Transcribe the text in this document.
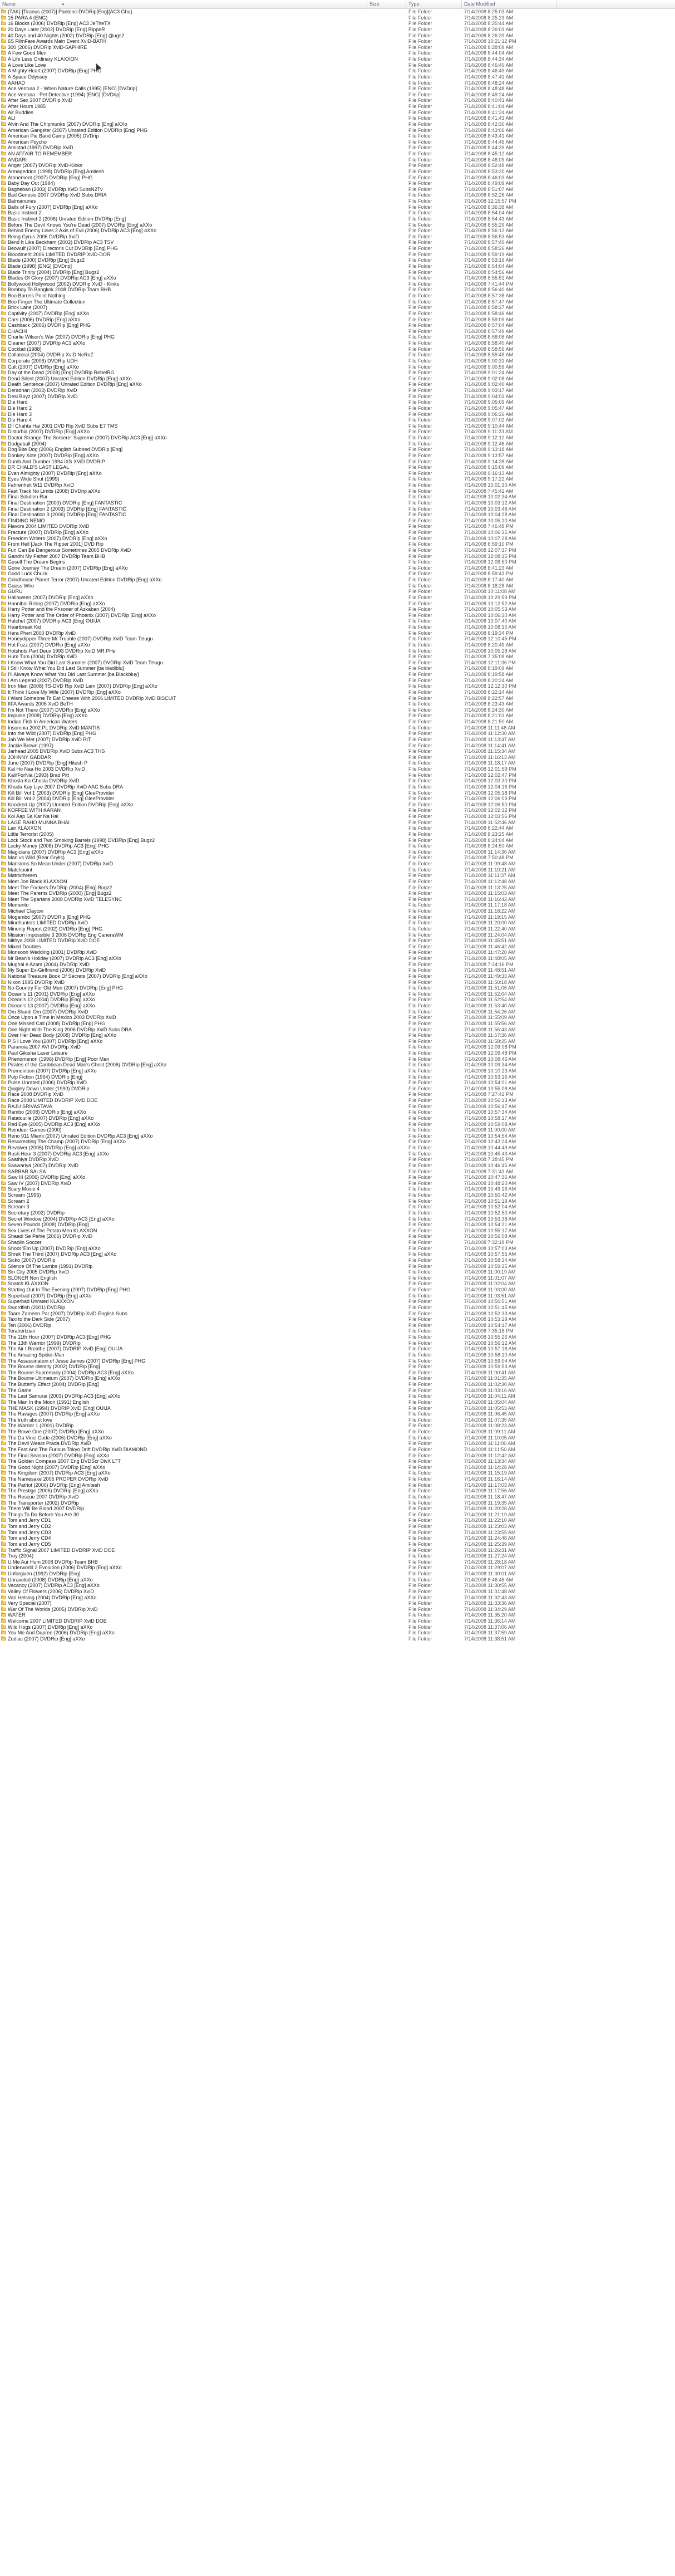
Name	▲	Size	Type	Date Modified
(TAK) [Tiranus (2007)] Pantenc-DVDRip[Eng]{AC3 Gba}	File Folder	7/14/2008 8:25:03 AM
15 PARA 4 (ENG)	File Folder	7/14/2008 8:25:23 AM
16 Blocks (2006) DVDRip [Eng] AC3 JeTheTX	File Folder	7/14/2008 8:25:44 AM
20 Days Later [2002] DVDRip [Eng] RippeR	File Folder	7/14/2008 8:26:03 AM
40 Days and 40 Nights (2002) DVDRip [Eng] @ugs2	File Folder	7/14/2008 8:26:39 AM
6S FilmFare Awards Main Event XviD-BATH	File Folder	7/14/2008 10:21:12 PM
300 (2006) DVDRip XviD-SAPHIRE	File Folder	7/14/2008 8:28:09 AM
A Few Good Men	File Folder	7/14/2008 8:44:04 AM
A Life Less Ordinary KLAXXON	File Folder	7/14/2008 8:44:34 AM
A Love Like Love	File Folder	7/14/2008 8:46:40 AM
A Mighty Heart (2007) DVDRip [Eng] PHG	File Folder	7/14/2008 8:46:49 AM
A Space Odyssey	File Folder	7/14/2008 8:47:41 AM
AAHAD	File Folder	7/14/2008 8:48:24 AM
Ace Ventura 2 - When Nature Calls (1995) [ENG] [DVDrip]	File Folder	7/14/2008 8:48:48 AM
Ace Ventura - Pet Detective (1994) [ENG] [DVDrip]	File Folder	7/14/2008 8:49:24 AM
After Sex 2007 DVDRip XviD	File Folder	7/14/2008 8:40:41 AM
After Hours 1985	File Folder	7/14/2008 8:41:04 AM
Air Buddies	File Folder	7/14/2008 8:41:24 AM
ALI	File Folder	7/14/2008 8:41:43 AM
Alvin And The Chipmunks (2007) DVDRip [Eng] aXXo	File Folder	7/14/2008 8:42:30 AM
American Gangster (2007) Unrated Edition DVDRip [Eng] PHG	File Folder	7/14/2008 8:43:06 AM
American Pie Band Camp (2005) DVDrip	File Folder	7/14/2008 8:43:41 AM
American Psycho	File Folder	7/14/2008 8:44:46 AM
Amistad (1997) DVDRip XviD	File Folder	7/14/2008 8:44:39 AM
AN AFFAIR TO REMEMBER	File Folder	7/14/2008 8:45:12 AM
ANDARI	File Folder	7/14/2008 8:46:09 AM
Anger (2007) DVDRip XviD-Kinks	File Folder	7/14/2008 8:52:48 AM
Armageddon (1998) DVDRip [Eng] Amitesh	File Folder	7/14/2008 8:53:20 AM
Atonement (2007) DVDRip [Eng] PHG	File Folder	7/14/2008 8:46:03 AM
Baby Day Out (1994)	File Folder	7/14/2008 8:49:09 AM
Bagheban (2003) DVDRip XviD SubsN2Tv	File Folder	7/14/2008 8:51:07 AM
Bad Genesis 2007 DVDRip XviD Subs DRIA	File Folder	7/14/2008 8:52:26 AM
Batmanunes	File Folder	7/14/2008 12:15:57 PM
Balls of Fury (2007) DVDRip [Eng] aXXo	File Folder	7/14/2008 8:36:38 AM
Basic Instinct 2	File Folder	7/14/2008 8:54:04 AM
Basic Instinct 2 (2006) Unrated Edition DVDRip [Eng]	File Folder	7/14/2008 8:54:43 AM
Before The Devil Knows You're Dead (2007) DVDRip [Eng] aXXo	File Folder	7/14/2008 8:55:29 AM
Behind Enemy Lines 2 Axis of Evil (2006) DVDRip AC3 [Eng] aXXo	File Folder	7/14/2008 8:56:12 AM
Being Cyrus 2006 DVDRip XviD	File Folder	7/14/2008 8:56:53 AM
Bend It Like Beckham (2002) DVDRip AC3 TSV	File Folder	7/14/2008 8:57:40 AM
Beowulf (2007) Director's Cut DVDRip [Eng] PHG	File Folder	7/14/2008 8:58:26 AM
Bloodmerit 2006 LIMITED DVDRIP XviD-DOR	File Folder	7/14/2008 8:59:19 AM
Blade (2000) DVDRip [Eng] Bugz2	File Folder	7/14/2008 8:53:19 AM
Blade (1998) [ENG] [DVDrip]	File Folder	7/14/2008 8:54:04 AM
Blade Trinity (2004) DVDRip [Eng] Bugz2	File Folder	7/14/2008 8:54:56 AM
Blades Of Glory (2007) DVDRip AC3 [Eng] aXXo	File Folder	7/14/2008 8:55:51 AM
Bollywood Hollywood (2002) DVDRip XviD - Kinks	File Folder	7/14/2008 7:41:44 PM
Bombay To Bangkok 2008 DVDRip Team BHB	File Folder	7/14/2008 8:56:40 AM
Boo Barrels Point Nothing	File Folder	7/14/2008 8:57:38 AM
Boo Finger The Ultimate Collection	File Folder	7/14/2008 8:57:47 AM
Brick Lane (2007)	File Folder	7/14/2008 8:58:27 AM
Captivity (2007) DVDRip [Eng] aXXo	File Folder	7/14/2008 8:58:46 AM
Cars (2006) DVDRip [Eng] aXXo	File Folder	7/14/2008 8:59:09 AM
Cashback (2006) DVDRip [Eng] PHG	File Folder	7/14/2008 8:57:04 AM
CHACHI	File Folder	7/14/2008 8:57:49 AM
Charlie Wilson's War (2007) DVDRip [Eng] PHG	File Folder	7/14/2008 8:58:06 AM
Cleaner (2007) DVDRip AC3 aXXo	File Folder	7/14/2008 8:58:40 AM
Cocktail (1988)	File Folder	7/14/2008 8:58:56 AM
Collateral (2004) DVDRip XviD NeRoZ	File Folder	7/14/2008 8:59:45 AM
Corporate (2006) DVDRip UDH	File Folder	7/14/2008 9:00:31 AM
Cult (2007) DVDRip [Eng] aXXo	File Folder	7/14/2008 9:00:59 AM
Day of the Dead (2008) [Eng] DVDRip RebelRG	File Folder	7/14/2008 9:01:24 AM
Dead Silent (2007) Unrated Edition DVDRip [Eng] aXXo	File Folder	7/14/2008 9:02:08 AM
Death Sentence (2007) Unrated Edition DVDRip [Eng] aXXo	File Folder	7/14/2008 9:02:40 AM
Deradhan (2003) DVDRip XviD	File Folder	7/14/2008 9:03:17 AM
Desi Boyz (2007) DVDRip XviD	File Folder	7/14/2008 9:04:03 AM
Die Hard	File Folder	7/14/2008 9:05:09 AM
Die Hard 2	File Folder	7/14/2008 9:05:47 AM
Die Hard 3	File Folder	7/14/2008 9:06:26 AM
Die Hard 4	File Folder	7/14/2008 9:07:02 AM
Dil Chahta Hai 2001 DVD Rip XviD Subs E7 TMS	File Folder	7/14/2008 9:10:44 AM
Disturbia (2007) DVDRip [Eng] aXXo	File Folder	7/14/2008 9:11:23 AM
Doctor Strange The Sorcerer Supreme (2007) DVDRip AC3 [Eng] aXXo	File Folder	7/14/2008 9:12:12 AM
Dodgeball (2004)	File Folder	7/14/2008 9:12:46 AM
Dog Bite Dog (2006) English Subbed DVDRip [Eng]	File Folder	7/14/2008 9:13:18 AM
Donkey Xote (2007) DVDRip [Eng] aXXo	File Folder	7/14/2008 9:13:57 AM
Dumb And Dumber 1994 iXS XViD DVDRIP	File Folder	7/14/2008 9:14:38 AM
DR CHALD'S LAST LEGAL	File Folder	7/14/2008 9:15:09 AM
Evan Almighty (2007) DVDRip [Eng] aXXo	File Folder	7/14/2008 9:16:13 AM
Eyes Wide Shut (1999)	File Folder	7/14/2008 9:17:22 AM
Fahrenheit 9/11 DVDRip XviD	File Folder	7/14/2008 10:01:30 AM
Fast Track No Limits (2008) DVDrip aXXo	File Folder	7/14/2008 7:45:42 AM
Final Solution Rar	File Folder	7/14/2008 10:02:34 AM
Final Destination (2000) DVDRip [Eng] FANTASTIC	File Folder	7/14/2008 10:03:12 AM
Final Destination 2 (2003) DVDRip [Eng] FANTASTIC	File Folder	7/14/2008 10:03:48 AM
Final Destination 3 (2006) DVDRip [Eng] FANTASTIC	File Folder	7/14/2008 10:04:28 AM
FINDING NEMO	File Folder	7/14/2008 10:05:10 AM
Flavors 2004 LIMITED DVDRip XviD	File Folder	7/14/2008 7:46:48 PM
Fracture (2007) DVDRip [Eng] aXXo	File Folder	7/14/2008 10:06:35 AM
Freedom Writers (2007) DVDRip [Eng] aXXo	File Folder	7/14/2008 10:07:28 AM
From Hell [Jack The Ripper 2001] DVD Rip	File Folder	7/14/2008 8:59:10 PM
Fun Can Be Dangerous Sometimes 2005 DVDRip XviD	File Folder	7/14/2008 12:07:37 PM
Gandhi My Father 2007 DVDRip Team BHB	File Folder	7/14/2008 12:08:15 PM
Gesell The Dream Begins	File Folder	7/14/2008 12:08:50 PM
Gone Journey The Dream (2007) DVDRip [Eng] aXXo	File Folder	7/14/2008 8:41:23 AM
Good Luck Chuck	File Folder	7/14/2008 8:59:43 PM
Grindhouse Planet Terror (2007) Unrated Edition DVDRip [Eng] aXXo	File Folder	7/14/2008 8:17:40 AM
Guess Who	File Folder	7/14/2008 8:18:28 AM
GURU	File Folder	7/14/2008 10:11:08 AM
Halloween (2007) DVDRip [Eng] aXXo	File Folder	7/14/2008 10:29:59 PM
Hannibal Rising (2007) DVDRip [Eng] aXXo	File Folder	7/14/2008 10:12:52 AM
Harry Potter and the Prisoner of Azkaban (2004)	File Folder	7/14/2008 10:05:53 AM
Harry Potter and The Order of Phoenix (2007) DVDRip [Eng] aXXo	File Folder	7/14/2008 10:06:30 AM
Hatchet (2007) DVDRip AC3 [Eng] OUIJA	File Folder	7/14/2008 10:07:40 AM
Heartbreak Kid	File Folder	7/14/2008 10:08:30 AM
Hera Pheri 2000 DVDRip XviD	File Folder	7/14/2008 8:19:34 PM
Honeydipper Three Mr Trouble (2007) DVDRip XviD Team Telugu	File Folder	7/14/2008 12:10:45 PM
Hot Fuzz (2007) DVDRip [Eng] aXXo	File Folder	7/14/2008 8:20:49 AM
Hotshots Part Deux 1993 DVDRip XviD MR PHe	File Folder	7/14/2008 10:05:28 AM
Hum Tum (2004) DVDRip XviD	File Folder	7/14/2008 7:35:08 AM
I Know What You Did Last Summer (2007) DVDRip XviD Team Telugu	File Folder	7/14/2008 12:11:36 PM
I Still Know What You Did Last Summer [ba bladiblu]	File Folder	7/14/2008 8:19:09 AM
I'll Always Know What You Did Last Summer [ba Blackbluy]	File Folder	7/14/2008 8:19:58 AM
I Am Legend (2007) DVDRip XviD	File Folder	7/14/2008 8:20:24 AM
Iron Man (2008) TS-DVD Rip XviD Lam (2007) DVDRip [Eng] aXXo	File Folder	7/14/2008 12:12:30 PM
It Think I Love My Wife (2007) DVDRip [Eng] aXXo	File Folder	7/14/2008 8:22:14 AM
I Want Someone To Eat Cheese With 2006 LIMITED DVDRip XviD BiSCUiT	File Folder	7/14/2008 8:22:57 AM
IIFA Awards 2006 XviD BeTH	File Folder	7/14/2008 8:23:43 AM
I'm Not There (2007) DVDRip [Eng] aXXo	File Folder	7/14/2008 8:24:30 AM
Impulse (2008) DVDRip [Eng] aXXo	File Folder	7/14/2008 8:21:01 AM
Indian Fish In American Waters	File Folder	7/14/2008 8:21:50 AM
Insomnia 2002 PL DVDRip XviD MANTIS	File Folder	7/14/2008 11:11:48 AM
Into the Wild (2007) DVDRip [Eng] PHG	File Folder	7/14/2008 11:12:30 AM
Jab We Met (2007) DVDRip XviD RiT	File Folder	7/14/2008 11:13:47 AM
Jackie Brown (1997)	File Folder	7/14/2008 11:14:41 AM
Jarhead 2005 DVDRip XviD Subs AC3 THS	File Folder	7/14/2008 11:15:34 AM
JOHNNY GADDAR	File Folder	7/14/2008 11:16:13 AM
Juno (2007) DVDRip [Eng] Hitesh P	File Folder	7/14/2008 11:18:17 AM
Kal Ho Naa Ho 2003 DVDRip XviD	File Folder	7/14/2008 12:01:59 PM
KalifForNia (1993) Brad Pitt	File Folder	7/14/2008 12:02:47 PM
Khosla Ka Ghosla DVDRip XviD	File Folder	7/14/2008 12:03:30 PM
Khuda Kay Liye 2007 DVDRip XviD AAC Subs DRA	File Folder	7/14/2008 12:04:16 PM
Kill Bill Vol 1 (2003) DVDRip [Eng] GleeProvider	File Folder	7/14/2008 12:05:18 PM
Kill Bill Vol 2 (2004) DVDRip [Eng] GleeProvider	File Folder	7/14/2008 12:06:03 PM
Knocked Up (2007) Unrated Edition DVDRip [Eng] aXXo	File Folder	7/14/2008 12:06:50 PM
KOFFEE WITH KARAN	File Folder	7/14/2008 12:02:32 PM
Koi Aap Sa Kar Na Hai	File Folder	7/14/2008 12:03:56 PM
LAGE RAHO MUNNA BHAI	File Folder	7/14/2008 11:52:46 AM
Lair KLAXXON	File Folder	7/14/2008 8:22:44 AM
Little Terrorist (2005)	File Folder	7/14/2008 8:23:25 AM
Lock Stock and Two Smoking Barrels (1998) DVDRip [Eng] Bugz2	File Folder	7/14/2008 8:24:04 AM
Lucky Money (2008) DVDRip AC3 [Eng] PHG	File Folder	7/14/2008 8:24:50 AM
Magicians (2007) DVDRip AC3 [Eng] aXXo	File Folder	7/14/2008 11:14:36 AM
Man vs Wild (Bear Grylls)	File Folder	7/14/2008 7:50:48 PM
Mansions So Mean Under (2007) DVDRip XviD	File Folder	7/14/2008 11:09:48 AM
Matchpoint	File Folder	7/14/2008 11:10:21 AM
Matrixthreem	File Folder	7/14/2008 11:11:37 AM
Meet Joe Black KLAXXON	File Folder	7/14/2008 11:12:48 AM
Meet The Fockers DVDRip (2004) [Eng] Bugz2	File Folder	7/14/2008 11:13:25 AM
Meet The Parents DVDRip (2000) [Eng] Bugz2	File Folder	7/14/2008 11:15:03 AM
Meet The Spartans 2008 DVDRip XviD TELESYNC	File Folder	7/14/2008 11:16:42 AM
Memento	File Folder	7/14/2008 11:17:18 AM
Michael Clayton	File Folder	7/14/2008 11:18:22 AM
Mogambo (2007) DVDRip [Eng] PHG	File Folder	7/14/2008 11:19:15 AM
Mindhunters LIMITED DVDRip XviD	File Folder	7/14/2008 11:20:00 AM
Minority Report (2002) DVDRip [Eng] PHG	File Folder	7/14/2008 11:22:40 AM
Mission Impossible 3 2006 DVDRip Eng CaneraWM	File Folder	7/14/2008 11:24:04 AM
Mithya 2008 LIMITED DVDRip XviD DOE	File Folder	7/14/2008 11:45:51 AM
Mixed Doubles	File Folder	7/14/2008 11:46:42 AM
Monsoon Wedding (2001) DVDRip XviD	File Folder	7/14/2008 11:47:20 AM
Mr Bean's Holiday (2007) DVDRip AC3 [Eng] aXXo	File Folder	7/14/2008 11:48:05 AM
Mughal e Azam (2004) DVDRip XviD	File Folder	7/14/2008 7:24:16 PM
My Super Ex-Girlfriend (2006) DVDRip XviD	File Folder	7/14/2008 11:48:51 AM
National Treasure Book Of Secrets (2007) DVDRip [Eng] aXXo	File Folder	7/14/2008 11:49:33 AM
Nixon 1995 DVDRip XviD	File Folder	7/14/2008 11:50:18 AM
No Country For Old Men (2007) DVDRip [Eng] PHG	File Folder	7/14/2008 11:51:06 AM
Ocean's 11 (2001) DVDRip [Eng] aXXo	File Folder	7/14/2008 11:52:04 AM
Ocean's 12 (2004) DVDRip [Eng] aXXo	File Folder	7/14/2008 11:52:54 AM
Ocean's 13 (2007) DVDRip [Eng] aXXo	File Folder	7/14/2008 11:53:40 AM
Om Shanti Om (2007) DVDRip XviD	File Folder	7/14/2008 11:54:26 AM
Once Upon a Time in Mexico 2003 DVDRip XviD	File Folder	7/14/2008 11:55:09 AM
One Missed Call (2008) DVDRip [Eng] PHG	File Folder	7/14/2008 11:55:56 AM
One Night With The King 2006 DVDRip XviD Subs DRA	File Folder	7/14/2008 11:56:43 AM
Over Her Dead Body (2008) DVDRip [Eng] aXXo	File Folder	7/14/2008 11:57:36 AM
P S I Love You (2007) DVDRip [Eng] aXXo	File Folder	7/14/2008 11:58:25 AM
Paranoia 2007 AVI DVDRip XviD	File Folder	7/14/2008 12:09:08 PM
Paul Gikisha Laser Leisure	File Folder	7/14/2008 12:09:48 PM
Phenomenon (1996) DVDRip [Eng] Poor Man	File Folder	7/14/2008 10:08:46 AM
Pirates of the Caribbean Dead Man's Chest (2006) DVDRip [Eng] aXXo	File Folder	7/14/2008 10:09:34 AM
Premonition (2007) DVDRip [Eng] aXXo	File Folder	7/14/2008 10:10:23 AM
Pulp Fiction (1994) DVDRip [Eng]	File Folder	7/14/2008 10:53:16 AM
Pulse Unrated (2006) DVDRip XviD	File Folder	7/14/2008 10:54:01 AM
Quigley Down Under (1990) DVDRip	File Folder	7/14/2008 10:55:08 AM
Race 2008 DVDRip XviD	File Folder	7/14/2008 7:27:42 PM
Race 2008 LIMITED DVDRIP XviD DOE	File Folder	7/14/2008 10:56:13 AM
RAJU SRIVASTAVA	File Folder	7/14/2008 10:56:47 AM
Rambo (2008) DVDRip [Eng] aXXo	File Folder	7/14/2008 10:57:34 AM
Ratatouille (2007) DVDRip [Eng] aXXo	File Folder	7/14/2008 10:58:17 AM
Red Eye (2005) DVDRip AC3 [Eng] aXXo	File Folder	7/14/2008 10:59:08 AM
Reindeer Games (2000)	File Folder	7/14/2008 11:00:00 AM
Reno 911 Miami (2007) Unrated Edition DVDRip AC3 [Eng] aXXo	File Folder	7/14/2008 10:54:54 AM
Resurrecting The Champ (2007) DVDRip [Eng] aXXo	File Folder	7/14/2008 10:43:24 AM
Revolver (2005) DVDRip [Eng] aXXo	File Folder	7/14/2008 10:44:49 AM
Rush Hour 3 (2007) DVDRip AC3 [Eng] aXXo	File Folder	7/14/2008 10:45:43 AM
Saathiya DVDRip XviD	File Folder	7/14/2008 7:28:45 PM
Saawariya (2007) DVDRip XviD	File Folder	7/14/2008 10:46:45 AM
SARBAR SALSA	File Folder	7/14/2008 7:31:43 AM
Saw III (2006) DVDRip [Eng] aXXo	File Folder	7/14/2008 10:47:36 AM
Saw IV (2007) DVDRip XviD	File Folder	7/14/2008 10:48:20 AM
Scary Movie 4	File Folder	7/14/2008 10:49:16 AM
Scream (1996)	File Folder	7/14/2008 10:50:42 AM
Scream 2	File Folder	7/14/2008 10:51:19 AM
Scream 3	File Folder	7/14/2008 10:52:04 AM
Secretary (2002) DVDRip	File Folder	7/14/2008 10:52:50 AM
Secret Window (2004) DVDRip AC3 [Eng] aXXo	File Folder	7/14/2008 10:53:38 AM
Seven Pounds (2008) DVDRip [Eng]	File Folder	7/14/2008 10:54:21 AM
Sex Lives of The Potato Men KLAXXON	File Folder	7/14/2008 10:55:17 AM
Shaadi Se Pehle (2006) DVDRip XviD	File Folder	7/14/2008 10:56:08 AM
Shaolin Soccer	File Folder	7/14/2008 7:32:18 PM
Shoot 'Em Up (2007) DVDRip [Eng] aXXo	File Folder	7/14/2008 10:57:03 AM
Shrek The Third (2007) DVDRip AC3 [Eng] aXXo	File Folder	7/14/2008 10:57:55 AM
Sicko (2007) DVDRip	File Folder	7/14/2008 10:58:34 AM
Silence Of The Lambs (1991) DVDRip	File Folder	7/14/2008 10:59:25 AM
Sin City 2005 DVDRip XviD	File Folder	7/14/2008 11:00:19 AM
SLONER Non English	File Folder	7/14/2008 11:01:07 AM
Snatch KLAXXON	File Folder	7/14/2008 11:02:04 AM
Starting Out In The Evening (2007) DVDRip [Eng] PHG	File Folder	7/14/2008 11:03:00 AM
Superbad (2007) DVDRip [Eng] aXXo	File Folder	7/14/2008 11:03:51 AM
Superbad Unrated KLAXXON	File Folder	7/14/2008 10:50:51 AM
Swordfish (2001) DVDRip	File Folder	7/14/2008 10:51:45 AM
Taare Zameen Par (2007) DVDRip XviD English Subs	File Folder	7/14/2008 10:52:33 AM
Taxi to the Dark Side (2007)	File Folder	7/14/2008 10:53:29 AM
Ten (2006) DVDRip	File Folder	7/14/2008 10:54:17 AM
Terahertzian	File Folder	7/14/2008 7:35:18 PM
The 11th Hour (2007) DVDRip AC3 [Eng] PHG	File Folder	7/14/2008 10:55:26 AM
The 13th Warrior (1999) DVDRip	File Folder	7/14/2008 10:56:12 AM
The Air I Breathe (2007) DVDRIP XviD [Eng] OUIJA	File Folder	7/14/2008 10:57:18 AM
The Amazing Spider-Man	File Folder	7/14/2008 10:58:10 AM
The Assassination of Jesse James (2007) DVDRip [Eng] PHG	File Folder	7/14/2008 10:59:04 AM
The Bourne Identity (2002) DVDRip [Eng]	File Folder	7/14/2008 10:59:53 AM
The Bourne Supremacy (2004) DVDRip AC3 [Eng] aXXo	File Folder	7/14/2008 11:00:41 AM
The Bourne Ultimatum (2007) DVDRip [Eng] aXXo	File Folder	7/14/2008 11:01:35 AM
The Butterfly Effect (2004) DVDRip [Eng]	File Folder	7/14/2008 11:02:30 AM
The Game	File Folder	7/14/2008 11:03:16 AM
The Last Samurai (2003) DVDRip AC3 [Eng] aXXo	File Folder	7/14/2008 11:04:11 AM
The Man In the Moon (1991) English	File Folder	7/14/2008 11:05:04 AM
THE MASK (1994) DVDRIP XviD [Eng] OUIJA	File Folder	7/14/2008 11:05:53 AM
The Ravages (2007) DVDRip [Eng] aXXo	File Folder	7/14/2008 11:06:45 AM
The truth about love	File Folder	7/14/2008 11:07:35 AM
The Warrior 1 (2001) DVDRip	File Folder	7/14/2008 11:08:23 AM
The Brave One (2007) DVDRip [Eng] aXXo	File Folder	7/14/2008 11:09:11 AM
The Da Vinci Code (2006) DVDRip [Eng] aXXo	File Folder	7/14/2008 11:10:05 AM
The Devil Wears Prada DVDRip XviD	File Folder	7/14/2008 11:11:00 AM
The Fast And The Furious Tokyo Drift DVDRip XviD DIAMOND	File Folder	7/14/2008 11:11:50 AM
The Final Season (2007) DVDRip [Eng] aXXo	File Folder	7/14/2008 11:12:42 AM
The Golden Compass 2007 Eng DVDScr DivX LTT	File Folder	7/14/2008 11:13:34 AM
The Good Night (2007) DVDRip [Eng] aXXo	File Folder	7/14/2008 11:14:28 AM
The Kingdom (2007) DVDRip AC3 [Eng] aXXo	File Folder	7/14/2008 11:15:19 AM
The Namesake 2006 PROPER DVDRip XviD	File Folder	7/14/2008 11:16:14 AM
The Patriot (2000) DVDRip [Eng] Amitesh	File Folder	7/14/2008 11:17:03 AM
The Prestige (2006) DVDRip [Eng] aXXo	File Folder	7/14/2008 11:17:56 AM
The Rescue 2007 DVDRip XviD	File Folder	7/14/2008 11:18:47 AM
The Transporter (2002) DVDRip	File Folder	7/14/2008 11:19:35 AM
There Will Be Blood 2007 DVDRip	File Folder	7/14/2008 11:20:28 AM
Things To Do Before You Are 30	File Folder	7/14/2008 11:21:19 AM
Tom and Jerry CD1	File Folder	7/14/2008 11:22:10 AM
Tom and Jerry CD2	File Folder	7/14/2008 11:23:03 AM
Tom and Jerry CD3	File Folder	7/14/2008 11:23:55 AM
Tom and Jerry CD4	File Folder	7/14/2008 11:24:48 AM
Tom and Jerry CD5	File Folder	7/14/2008 11:25:39 AM
Traffic Signal 2007 LIMITED DVDRIP XviD DOE	File Folder	7/14/2008 11:26:31 AM
Troy (2004)	File Folder	7/14/2008 11:27:24 AM
U Me Aur Hum 2008 DVDRip Team BHB	File Folder	7/14/2008 11:28:18 AM
Underworld 2 Evolution (2006) DVDRip [Eng] aXXo	File Folder	7/14/2008 11:29:07 AM
Unforgiven (1992) DVDRip [Eng]	File Folder	7/14/2008 11:30:01 AM
Unraveled (2008) DVDRip [Eng] aXXo	File Folder	7/14/2008 8:46:45 AM
Vacancy (2007) DVDRip AC3 [Eng] aXXo	File Folder	7/14/2008 11:30:55 AM
Valley Of Flowers (2006) DVDRip XviD	File Folder	7/14/2008 11:31:48 AM
Van Helsing (2004) DVDRip [Eng] aXXo	File Folder	7/14/2008 11:32:43 AM
Very Special (2007)	File Folder	7/14/2008 11:33:36 AM
War Of The Worlds (2005) DVDRip XviD	File Folder	7/14/2008 11:34:29 AM
WATER	File Folder	7/14/2008 11:35:20 AM
Welcome 2007 LIMITED DVDRIP XviD DOE	File Folder	7/14/2008 11:36:14 AM
Wild Hogs (2007) DVDRip [Eng] aXXo	File Folder	7/14/2008 11:37:06 AM
You Me And Dupree (2006) DVDRip [Eng] aXXo	File Folder	7/14/2008 11:37:59 AM
Zodiac (2007) DVDRip [Eng] aXXo	File Folder	7/14/2008 11:38:51 AM
